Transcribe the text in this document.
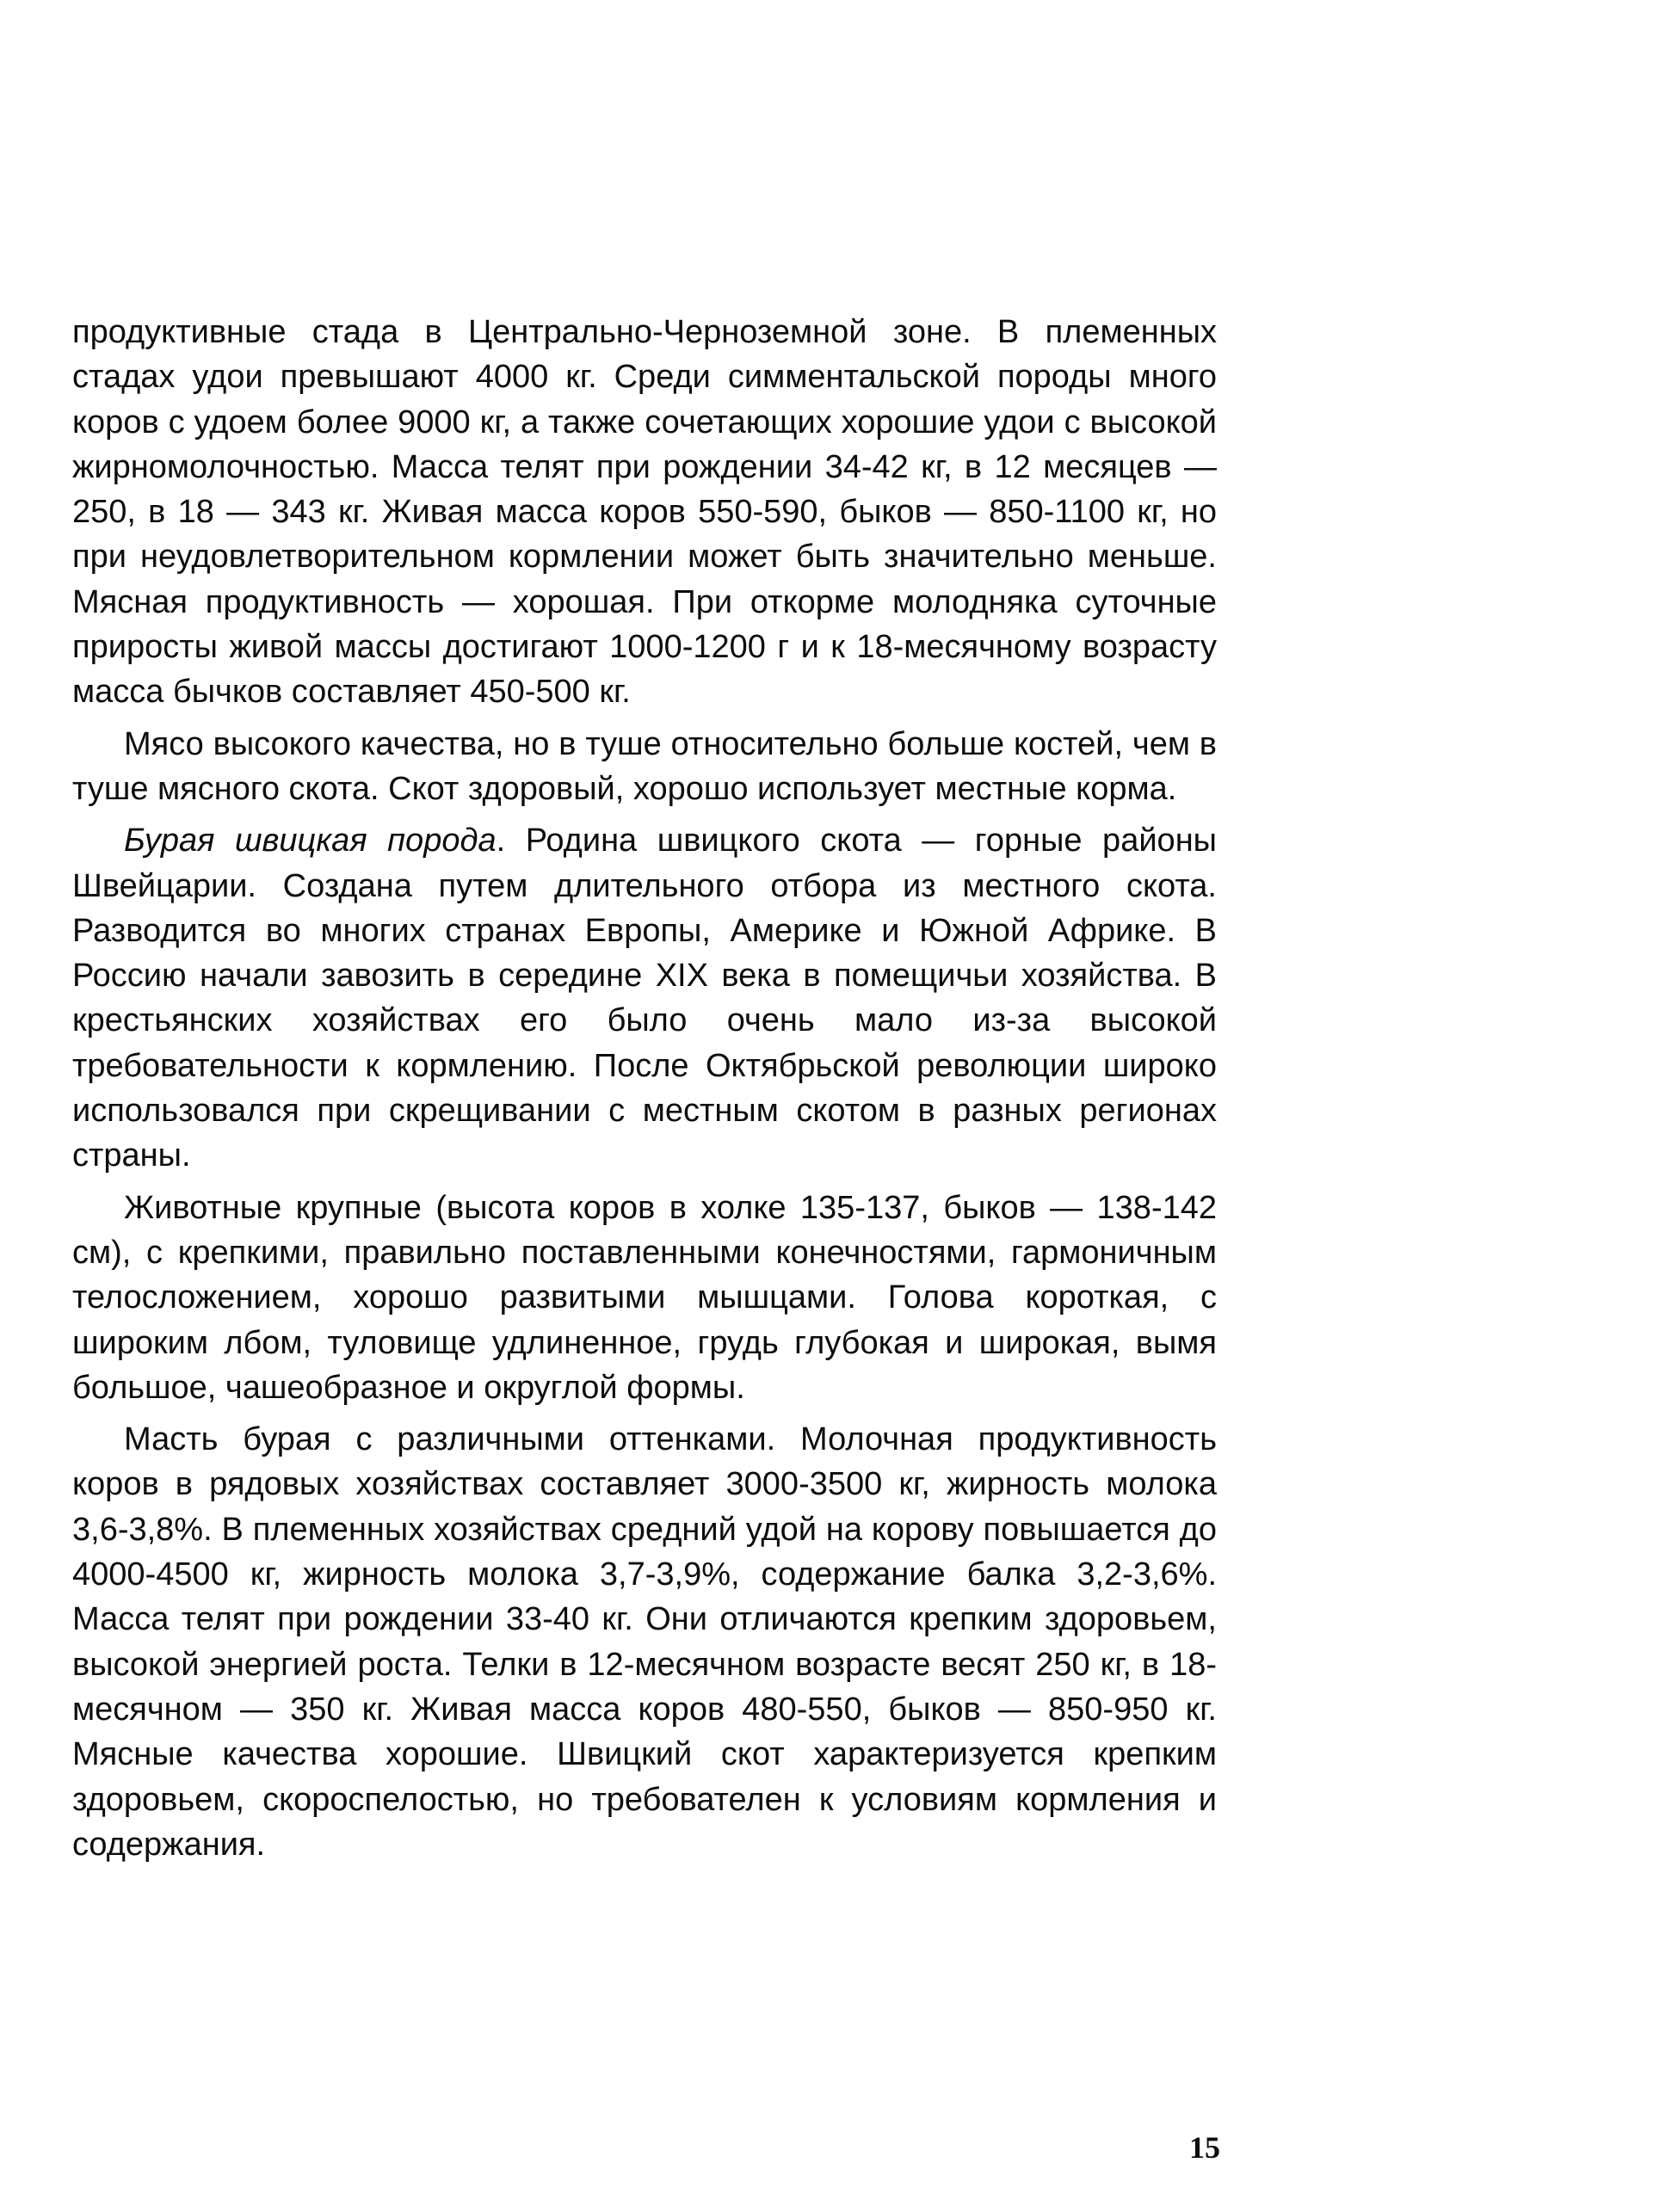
продуктивные стада в Центрально-Черноземной зоне. В племенных стадах удои превышают 4000 кг. Среди симментальской породы много коров с удоем более 9000 кг, а также сочетающих хорошие удои с высокой жирномолочностью. Масса телят при рождении 34-42 кг, в 12 месяцев — 250, в 18 — 343 кг. Живая масса коров 550-590, быков — 850-1100 кг, но при неудовлетворительном кормлении может быть значительно меньше. Мясная продуктивность — хорошая. При откорме молодняка суточные приросты живой массы достигают 1000-1200 г и к 18-месячному возрасту масса бычков составляет 450-500 кг.

Мясо высокого качества, но в туше относительно больше костей, чем в туше мясного скота. Скот здоровый, хорошо использует местные корма.

Бурая швицкая порода. Родина швицкого скота — горные районы Швейцарии. Создана путем длительного отбора из местного скота. Разводится во многих странах Европы, Америке и Южной Африке. В Россию начали завозить в середине XIX века в помещичьи хозяйства. В крестьянских хозяйствах его было очень мало из-за высокой требовательности к кормлению. После Октябрьской революции широко использовался при скрещивании с местным скотом в разных регионах страны.

Животные крупные (высота коров в холке 135-137, быков — 138-142 см), с крепкими, правильно поставленными конечностями, гармоничным телосложением, хорошо развитыми мышцами. Голова короткая, с широким лбом, туловище удлиненное, грудь глубокая и широкая, вымя большое, чашеобразное и округлой формы.

Масть бурая с различными оттенками. Молочная продуктивность коров в рядовых хозяйствах составляет 3000-3500 кг, жирность молока 3,6-3,8%. В племенных хозяйствах средний удой на корову повышается до 4000-4500 кг, жирность молока 3,7-3,9%, содержание балка 3,2-3,6%. Масса телят при рождении 33-40 кг. Они отличаются крепким здоровьем, высокой энергией роста. Телки в 12-месячном возрасте весят 250 кг, в 18-месячном — 350 кг. Живая масса коров 480-550, быков — 850-950 кг. Мясные качества хорошие. Швицкий скот характеризуется крепким здоровьем, скороспелостью, но требователен к условиям кормления и содержания.

15
